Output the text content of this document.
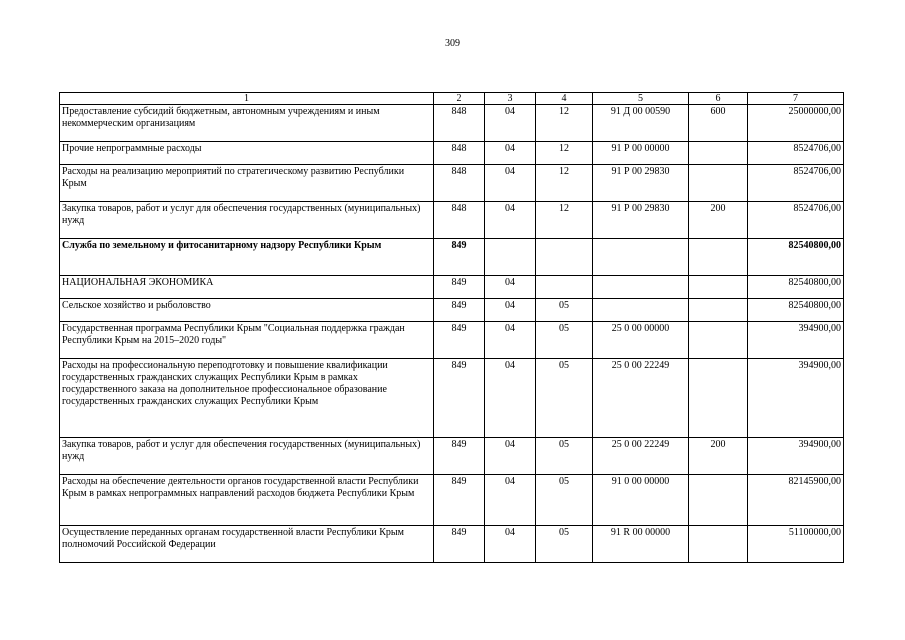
309
1	2	3	4	5	6	7
Предоставление субсидий бюджетным, автономным учреждениям и иным некоммерческим организациям	848	04	12	91 Д 00 00590	600	25000000,00
Прочие непрограммные расходы	848	04	12	91 Р 00 00000		8524706,00
Расходы на реализацию мероприятий по стратегическому развитию Республики Крым	848	04	12	91 Р 00 29830		8524706,00
Закупка товаров, работ и услуг для обеспечения государственных (муниципальных) нужд	848	04	12	91 Р 00 29830	200	8524706,00
Служба по земельному и фитосанитарному надзору Республики Крым	849					82540800,00
НАЦИОНАЛЬНАЯ ЭКОНОМИКА	849	04				82540800,00
Сельское хозяйство и рыболовство	849	04	05			82540800,00
Государственная программа Республики Крым "Социальная поддержка граждан Республики Крым на 2015–2020 годы"	849	04	05	25 0 00 00000		394900,00
Расходы на профессиональную переподготовку и повышение квалификации государственных гражданских служащих Республики Крым в рамках государственного заказа на дополнительное профессиональное образование государственных гражданских служащих Республики Крым	849	04	05	25 0 00 22249		394900,00
Закупка товаров, работ и услуг для обеспечения государственных (муниципальных) нужд	849	04	05	25 0 00 22249	200	394900,00
Расходы на обеспечение деятельности органов государственной власти Республики Крым в рамках непрограммных направлений расходов бюджета Республики Крым	849	04	05	91 0 00 00000		82145900,00
Осуществление переданных органам государственной власти Республики Крым полномочий Российской Федерации	849	04	05	91 R 00 00000		51100000,00
